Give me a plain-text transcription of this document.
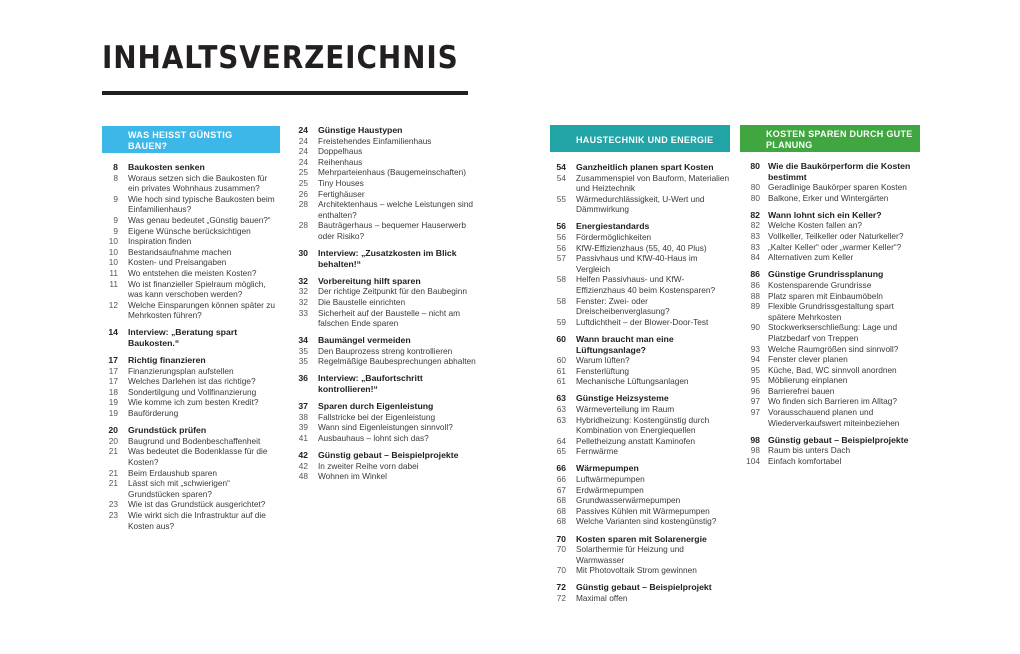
INHALTSVERZEICHNIS
WAS HEISST GÜNSTIG BAUEN?
8	Baukosten senken
8	Woraus setzen sich die Baukosten für ein privates Wohnhaus zusammen?
9	Wie hoch sind typische Baukosten beim Einfamilienhaus?
9	Was genau bedeutet „Günstig bauen?“
9	Eigene Wünsche berücksichtigen
10	Inspiration finden
10	Bestandsaufnahme machen
10	Kosten- und Preisangaben
11	Wo entstehen die meisten Kosten?
11	Wo ist finanzieller Spielraum möglich, was kann verschoben werden?
12	Welche Einsparungen können später zu Mehrkosten führen?
14	Interview: „Beratung spart Baukosten.“
17	Richtig finanzieren
17	Finanzierungsplan aufstellen
17	Welches Darlehen ist das richtige?
18	Sondertilgung und Vollfinanzierung
19	Wie komme ich zum besten Kredit?
19	Bauförderung
20	Grundstück prüfen
20	Baugrund und Bodenbeschaffenheit
21	Was bedeutet die Bodenklasse für die Kosten?
21	Beim Erdaushub sparen
21	Lässt sich mit „schwierigen“ Grundstücken sparen?
23	Wie ist das Grundstück ausgerichtet?
23	Wie wirkt sich die Infrastruktur auf die Kosten aus?
24	Günstige Haustypen
24	Freistehendes Einfamilienhaus
24	Doppelhaus
24	Reihenhaus
25	Mehrparteienhaus (Baugemeinschaften)
25	Tiny Houses
26	Fertighäuser
28	Architektenhaus – welche Leistungen sind enthalten?
28	Bauträgerhaus – bequemer Hauserwerb oder Risiko?
30	Interview: „Zusatzkosten im Blick behalten!“
32	Vorbereitung hilft sparen
32	Der richtige Zeitpunkt für den Baubeginn
32	Die Baustelle einrichten
33	Sicherheit auf der Baustelle – nicht am falschen Ende sparen
34	Baumängel vermeiden
35	Den Bauprozess streng kontrollieren
35	Regelmäßige Baubesprechungen abhalten
36	Interview: „Baufortschritt kontrollieren!“
37	Sparen durch Eigenleistung
38	Fallstricke bei der Eigenleistung
39	Wann sind Eigenleistungen sinnvoll?
41	Ausbauhaus – lohnt sich das?
42	Günstig gebaut – Beispielprojekte
42	In zweiter Reihe vorn dabei
48	Wohnen im Winkel
HAUSTECHNIK UND ENERGIE
54	Ganzheitlich planen spart Kosten
54	Zusammenspiel von Bauform, Materialien und Heiztechnik
55	Wärmedurchlässigkeit, U-Wert und Dämmwirkung
56	Energiestandards
56	Fördermöglichkeiten
56	KfW-Effizienzhaus (55, 40, 40 Plus)
57	Passivhaus und KfW-40-Haus im Vergleich
58	Helfen Passivhaus- und KfW- Effizienzhaus 40 beim Kostensparen?
58	Fenster: Zwei- oder Dreischeibenverglasung?
59	Luftdichtheit – der Blower-Door-Test
60	Wann braucht man eine Lüftungsanlage?
60	Warum lüften?
61	Fensterlüftung
61	Mechanische Lüftungsanlagen
63	Günstige Heizsysteme
63	Wärmeverteilung im Raum
63	Hybridheizung: Kostengünstig durch Kombination von Energiequellen
64	Pelletheizung anstatt Kaminofen
65	Fernwärme
66	Wärmepumpen
66	Luftwärmepumpen
67	Erdwärmepumpen
68	Grundwasserwärmepumpen
68	Passives Kühlen mit Wärmepumpen
68	Welche Varianten sind kostengünstig?
70	Kosten sparen mit Solarenergie
70	Solarthermie für Heizung und Warmwasser
70	Mit Photovoltaik Strom gewinnen
72	Günstig gebaut – Beispielprojekt
72	Maximal offen
KOSTEN SPAREN DURCH GUTE PLANUNG
80 Wie die Baukörperform die Kosten bestimmt
80 Geradlinige Baukörper sparen Kosten
80 Balkone, Erker und Wintergärten
82 Wann lohnt sich ein Keller?
82 Welche Kosten fallen an?
83 Vollkeller, Teilkeller oder Naturkeller?
83 „Kalter Keller“ oder „warmer Keller“?
84 Alternativen zum Keller
86 Günstige Grundrissplanung
86 Kostensparende Grundrisse
88 Platz sparen mit Einbaumöbeln
89 Flexible Grundrissgestaltung spart spätere Mehrkosten
90 Stockwerkserschließung: Lage und Platzbedarf von Treppen
93 Welche Raumgrößen sind sinnvoll?
94 Fenster clever planen
95 Küche, Bad, WC sinnvoll anordnen
95 Möblierung einplanen
96 Barrierefrei bauen
97 Wo finden sich Barrieren im Alltag?
97 Vorausschauend planen und Wiederverkaufswert miteinbeziehen
98 Günstig gebaut – Beispielprojekte
98 Raum bis unters Dach
104 Einfach komfortabel
